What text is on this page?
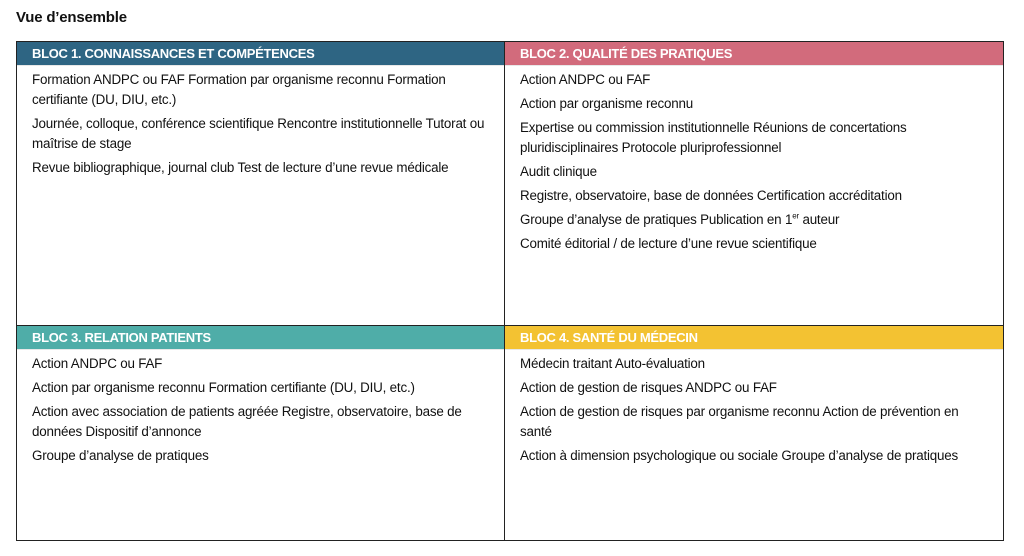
Vue d’ensemble
BLOC 1. CONNAISSANCES ET COMPÉTENCES
Formation ANDPC ou FAF Formation par organisme reconnu Formation certifiante (DU, DIU, etc.)
Journée, colloque, conférence scientifique Rencontre institutionnelle Tutorat ou maîtrise de stage
Revue bibliographique, journal club Test de lecture d’une revue médicale
BLOC 2. QUALITÉ DES PRATIQUES
Action ANDPC ou FAF
Action par organisme reconnu
Expertise ou commission institutionnelle Réunions de concertations pluridisciplinaires Protocole pluriprofessionnel
Audit clinique
Registre, observatoire, base de données Certification accréditation
Groupe d’analyse de pratiques Publication en 1er auteur
Comité éditorial / de lecture d’une revue scientifique
BLOC 3. RELATION PATIENTS
Action ANDPC ou FAF
Action par organisme reconnu Formation certifiante (DU, DIU, etc.)
Action avec association de patients agréée Registre, observatoire, base de données Dispositif d’annonce
Groupe d’analyse de pratiques
BLOC 4. SANTÉ DU MÉDECIN
Médecin traitant Auto-évaluation
Action de gestion de risques ANDPC ou FAF
Action de gestion de risques par organisme reconnu Action de prévention en santé
Action à dimension psychologique ou sociale Groupe d’analyse de pratiques
